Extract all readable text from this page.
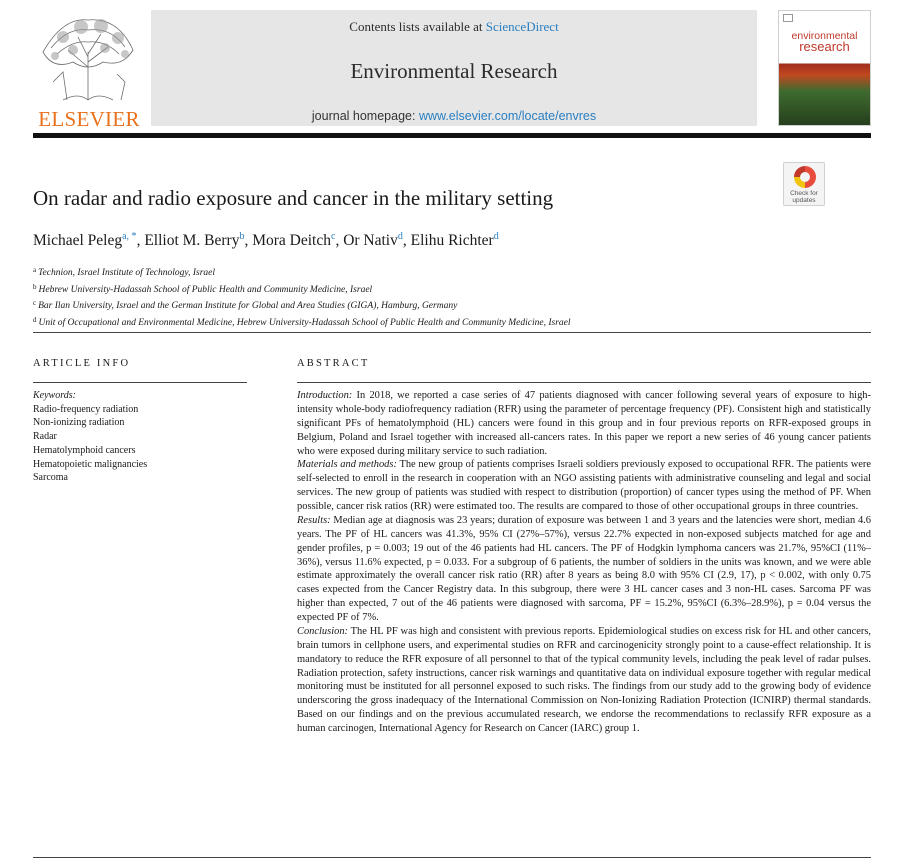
ELSEVIER
Contents lists available at ScienceDirect
Environmental Research
journal homepage: www.elsevier.com/locate/envres
environmental
research
Check for
updates
On radar and radio exposure and cancer in the military setting
Michael Peleg$^{a, *}$, Elliot M. Berry$^b$, Mora Deitch$^c$, Or Nativ$^d$, Elihu Richter$^d$
$^a$ Technion, Israel Institute of Technology, Israel
$^b$ Hebrew University-Hadassah School of Public Health and Community Medicine, Israel
$^c$ Bar Ilan University, Israel and the German Institute for Global and Area Studies (GIGA), Hamburg, Germany
$^d$ Unit of Occupational and Environmental Medicine, Hebrew University-Hadassah School of Public Health and Community Medicine, Israel
ARTICLE INFO
Keywords:
Radio-frequency radiation
Non-ionizing radiation
Radar
Hematolymphoid cancers
Hematopoietic malignancies
Sarcoma
ABSTRACT

Introduction: In 2018, we reported a case series of 47 patients diagnosed with cancer following several years of exposure to high-intensity whole-body radiofrequency radiation (RFR) using the parameter of percentage frequency (PF). Consistent high and statistically significant PFs of hematolymphoid (HL) cancers were found in this group and in four previous reports on RFR-exposed groups in Belgium, Poland and Israel together with increased all-cancers rates. In this paper we report a new series of 46 young cancer patients who were exposed during military service to such radiation.

Materials and methods: The new group of patients comprises Israeli soldiers previously exposed to occupational RFR. The patients were self-selected to enroll in the research in cooperation with an NGO assisting patients with administrative counseling and legal and social services. The new group of patients was studied with respect to distribution (proportion) of cancer types using the method of PF. When possible, cancer risk ratios (RR) were estimated too. The results are compared to those of other occupational groups in three countries.

Results: Median age at diagnosis was 23 years; duration of exposure was between 1 and 3 years and the latencies were short, median 4.6 years. The PF of HL cancers was 41.3%, 95% CI (27%–57%), versus 22.7% expected in non-exposed subjects matched for age and gender profiles, p = 0.003; 19 out of the 46 patients had HL cancers. The PF of Hodgkin lymphoma cancers was 21.7%, 95%CI (11%–36%), versus 11.6% expected, p = 0.033. For a subgroup of 6 patients, the number of soldiers in the units was known, and we were able estimate approximately the overall cancer risk ratio (RR) after 8 years as being 8.0 with 95% CI (2.9, 17), p < 0.002, with only 0.75 cases expected from the Cancer Registry data. In this subgroup, there were 3 HL cancer cases and 3 non-HL cases. Sarcoma PF was higher than expected, 7 out of the 46 patients were diagnosed with sarcoma, PF = 15.2%, 95%CI (6.3%–28.9%), p = 0.04 versus the expected PF of 7%.

Conclusion: The HL PF was high and consistent with previous reports. Epidemiological studies on excess risk for HL and other cancers, brain tumors in cellphone users, and experimental studies on RFR and carcinogenicity strongly point to a cause-effect relationship. It is mandatory to reduce the RFR exposure of all personnel to that of the typical community levels, including the peak level of radar pulses. Radiation protection, safety instructions, cancer risk warnings and quantitative data on individual exposure together with regular medical monitoring must be instituted for all personnel exposed to such risks. The findings from our study add to the growing body of evidence underscoring the gross inadequacy of the International Commission on Non-Ionizing Radiation Protection (ICNIRP) thermal standards. Based on our findings and on the previous accumulated research, we endorse the recommendations to reclassify RFR exposure as a human carcinogen, International Agency for Research on Cancer (IARC) group 1.
